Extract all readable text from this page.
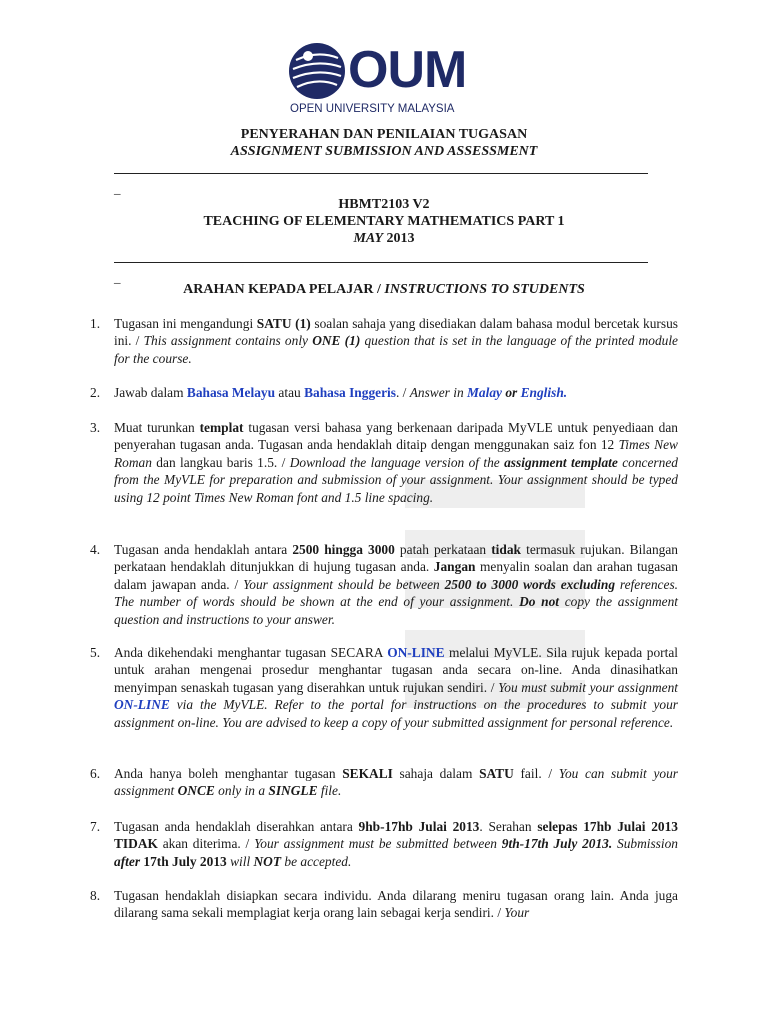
OUM
OPEN UNIVERSITY MALAYSIA
PENYERAHAN DAN PENILAIAN TUGASAN
ASSIGNMENT SUBMISSION AND ASSESSMENT
_
HBMT2103 V2
TEACHING OF ELEMENTARY MATHEMATICS PART 1
MAY 2013
_
ARAHAN KEPADA PELAJAR / INSTRUCTIONS TO STUDENTS
1. Tugasan ini mengandungi SATU (1) soalan sahaja yang disediakan dalam bahasa modul bercetak kursus ini. / This assignment contains only ONE (1) question that is set in the language of the printed module for the course.
2. Jawab dalam Bahasa Melayu atau Bahasa Inggeris. / Answer in Malay or English.
3. Muat turunkan templat tugasan versi bahasa yang berkenaan daripada MyVLE untuk penyediaan dan penyerahan tugasan anda. Tugasan anda hendaklah ditaip dengan menggunakan saiz fon 12 Times New Roman dan langkau baris 1.5. / Download the language version of the assignment template concerned from the MyVLE for preparation and submission of your assignment. Your assignment should be typed using 12 point Times New Roman font and 1.5 line spacing.
4. Tugasan anda hendaklah antara 2500 hingga 3000 patah perkataan tidak termasuk rujukan. Bilangan perkataan hendaklah ditunjukkan di hujung tugasan anda. Jangan menyalin soalan dan arahan tugasan dalam jawapan anda. / Your assignment should be between 2500 to 3000 words excluding references. The number of words should be shown at the end of your assignment. Do not copy the assignment question and instructions to your answer.
5. Anda dikehendaki menghantar tugasan SECARA ON-LINE melalui MyVLE. Sila rujuk kepada portal untuk arahan mengenai prosedur menghantar tugasan anda secara on-line. Anda dinasihatkan menyimpan senaskah tugasan yang diserahkan untuk rujukan sendiri. / You must submit your assignment ON-LINE via the MyVLE. Refer to the portal for instructions on the procedures to submit your assignment on-line. You are advised to keep a copy of your submitted assignment for personal reference.
6. Anda hanya boleh menghantar tugasan SEKALI sahaja dalam SATU fail. / You can submit your assignment ONCE only in a SINGLE file.
7. Tugasan anda hendaklah diserahkan antara 9hb-17hb Julai 2013. Serahan selepas 17hb Julai 2013 TIDAK akan diterima. / Your assignment must be submitted between 9th-17th July 2013. Submission after 17th July 2013 will NOT be accepted.
8. Tugasan hendaklah disiapkan secara individu. Anda dilarang meniru tugasan orang lain. Anda juga dilarang sama sekali memplagiat kerja orang lain sebagai kerja sendiri. / Your
